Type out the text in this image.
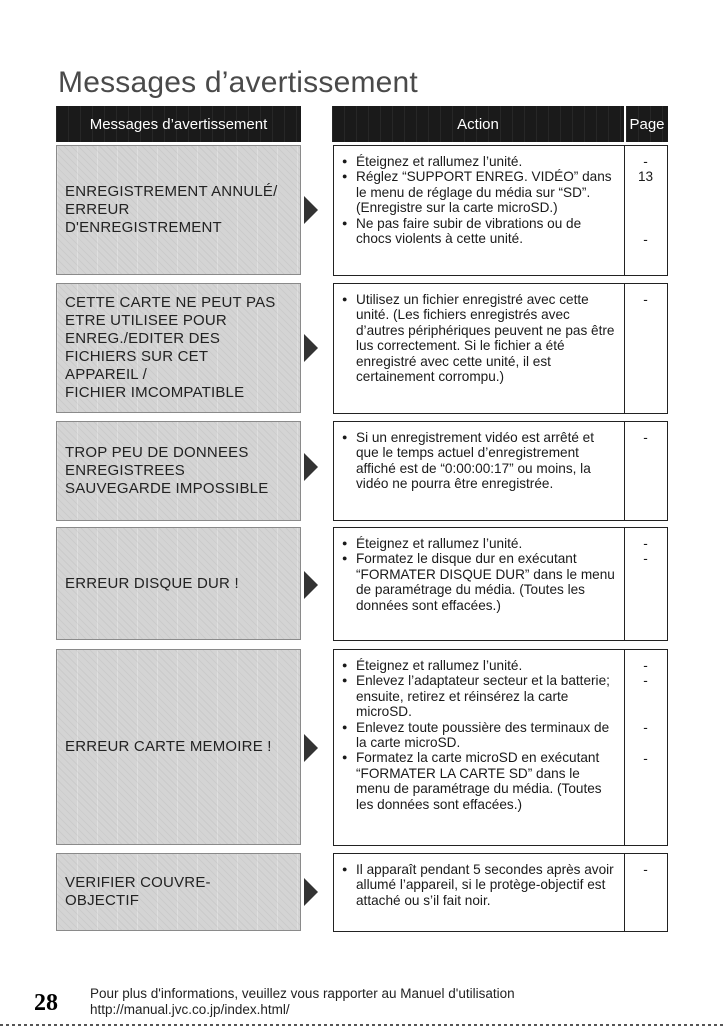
Messages d’avertissement
Messages d’avertissement	Action	Page
ENREGISTREMENT ANNULÉ/
ERREUR
D'ENREGISTREMENT
● Éteignez et rallumez l’unité.
● Réglez “SUPPORT ENREG. VIDÉO” dans le menu de réglage du média sur “SD”. (Enregistre sur la carte microSD.)
● Ne pas faire subir de vibrations ou de chocs violents à cette unité.
-
13
-
CETTE CARTE NE PEUT PAS
ETRE UTILISEE POUR
ENREG./EDITER DES
FICHIERS SUR CET
APPAREIL /
FICHIER IMCOMPATIBLE
● Utilisez un fichier enregistré avec cette unité. (Les fichiers enregistrés avec d’autres périphériques peuvent ne pas être lus correctement. Si le fichier a été enregistré avec cette unité, il est certainement corrompu.)
-
TROP PEU DE DONNEES
ENREGISTREES
SAUVEGARDE IMPOSSIBLE
● Si un enregistrement vidéo est arrêté et que le temps actuel d’enregistrement affiché est de “0:00:00:17” ou moins, la vidéo ne pourra être enregistrée.
-
ERREUR DISQUE DUR !
● Éteignez et rallumez l’unité.
● Formatez le disque dur en exécutant “FORMATER DISQUE DUR” dans le menu de paramétrage du média. (Toutes les données sont effacées.)
-
-
ERREUR CARTE MEMOIRE !
● Éteignez et rallumez l’unité.
● Enlevez l’adaptateur secteur et la batterie; ensuite, retirez et réinsérez la carte microSD.
● Enlevez toute poussière des terminaux de la carte microSD.
● Formatez la carte microSD en exécutant “FORMATER LA CARTE SD” dans le menu de paramétrage du média. (Toutes les données sont effacées.)
-
-
-
-
VERIFIER COUVRE-
OBJECTIF
● Il apparaît pendant 5 secondes après avoir allumé l’appareil, si le protège-objectif est attaché ou s’il fait noir.
-
28 Pour plus d'informations, veuillez vous rapporter au Manuel d'utilisation
http://manual.jvc.co.jp/index.html/
